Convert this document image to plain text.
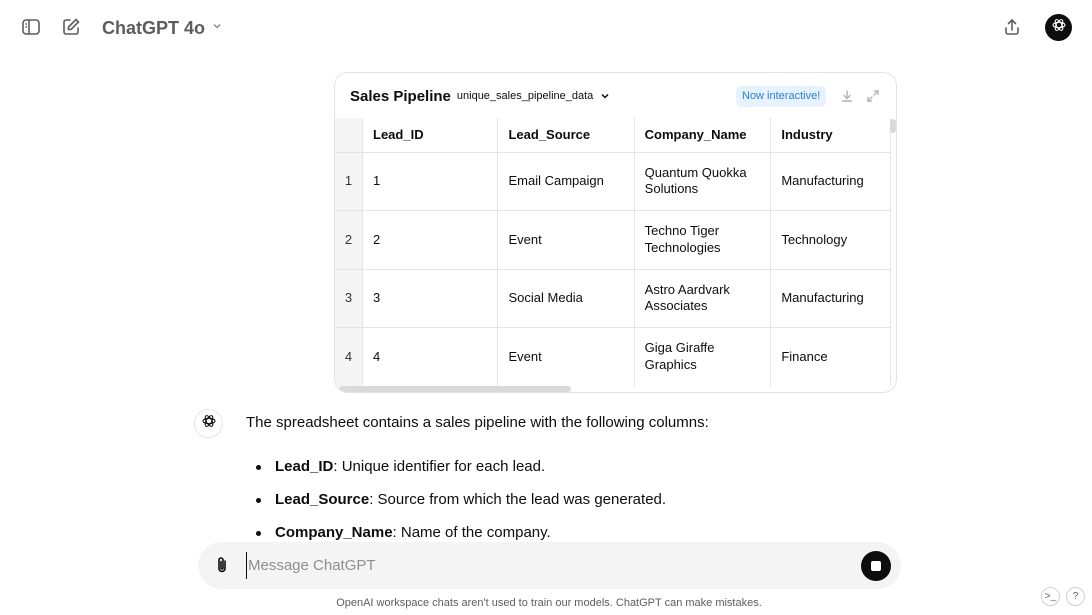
ChatGPT 4o
Sales Pipeline unique_sales_pipeline_data	Now interactive!
	Lead_ID	Lead_Source	Company_Name	Industry
1	1	Email Campaign	Quantum Quokka Solutions	Manufacturing
2	2	Event	Techno Tiger Technologies	Technology
3	3	Social Media	Astro Aardvark Associates	Manufacturing
4	4	Event	Giga Giraffe Graphics	Finance

The spreadsheet contains a sales pipeline with the following columns:

Lead_ID: Unique identifier for each lead.
Lead_Source: Source from which the lead was generated.
Company_Name: Name of the company.
Message ChatGPT
OpenAI workspace chats aren't used to train our models. ChatGPT can make mistakes.
>_	?
